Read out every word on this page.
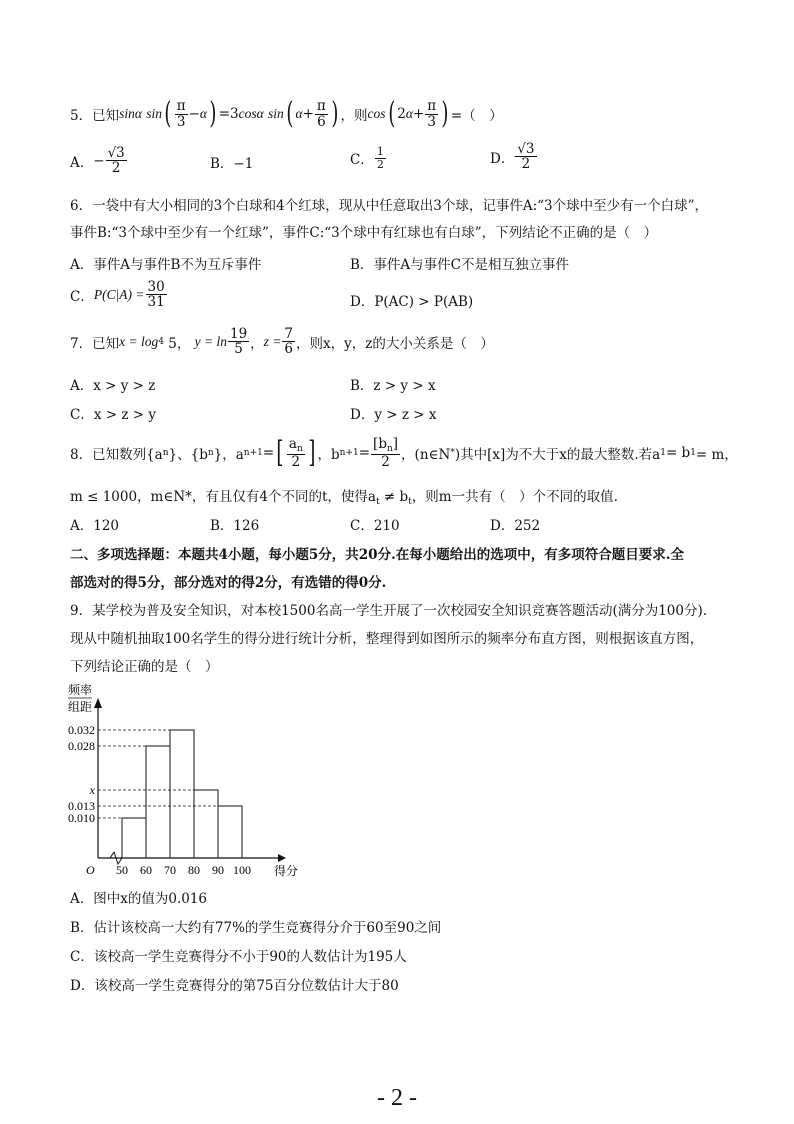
5． 已知 sin α
sin ( $\frac{\pi}{3} - \alpha$ ) = 3 cos α
sin ( $\alpha + \frac{\pi}{6}$ ) ，则 cos ( 2 $\alpha + \frac{\pi}{3}$ ) =（　）
A． − $\frac{√3}{2}$	B．−1	C． $\frac{1}{2}$	D． $\frac{√3}{2}$
6．一袋中有大小相同的3个白球和4个红球，现从中任意取出3个球，记事件A:“3个球中至少有一个白球”，
事件B:“3个球中至少有一个红球”，事件C:“3个球中有红球也有白球”，下列结论不正确的是（　）
A．事件A与事件B不为互斥事件	B．事件A与事件C不是相互独立事件
C． $P(C|A) = \frac{30}{31}$	D．P(AC) > P(AB)
7．已知 x = log 4
5，
$y = \ln \frac{19}{5}$ ， $z = \frac{7}{6}$ ，则x，y，z的大小关系是（　）
A．x > y > z	B．z > y > x
C．x > z > y	D．y > z > x
8．已知数列{a n }、{b n }，a n+1 = [ $\frac{a_n}{2}$ ] ，b $n+1 = \frac{[b_n]}{2}$ ，(n∈N * )其中[x]为不大于x的最大整数.若a 1 = b 1 = m，
m ≤ 1000，m∈N*，有且仅有4个不同的t，使得$a_t \ne b_t$，则m一共有（　）个不同的取值.
A．120	B．126	C．210	D．252
二、多项选择题：本题共4小题，每小题5分，共20分.在每小题给出的选项中，有多项符合题目要求.全
部选对的得5分，部分选对的得2分，有选错的得0分.
9．某学校为普及安全知识，对本校1500名高一学生开展了一次校园安全知识竞赛答题活动(满分为100分).
现从中随机抽取100名学生的得分进行统计分析，整理得到如图所示的频率分布直方图，则根据该直方图，
下列结论正确的是（　）
频率
组距
0.032
0.028
x
0.013
0.010
50 60 70 80 90 100
O	得分
A．图中x的值为0.016
B．估计该校高一大约有77%的学生竞赛得分介于60至90之间
C．该校高一学生竞赛得分不小于90的人数估计为195人
D．该校高一学生竞赛得分的第75百分位数估计大于80
- 2 -
